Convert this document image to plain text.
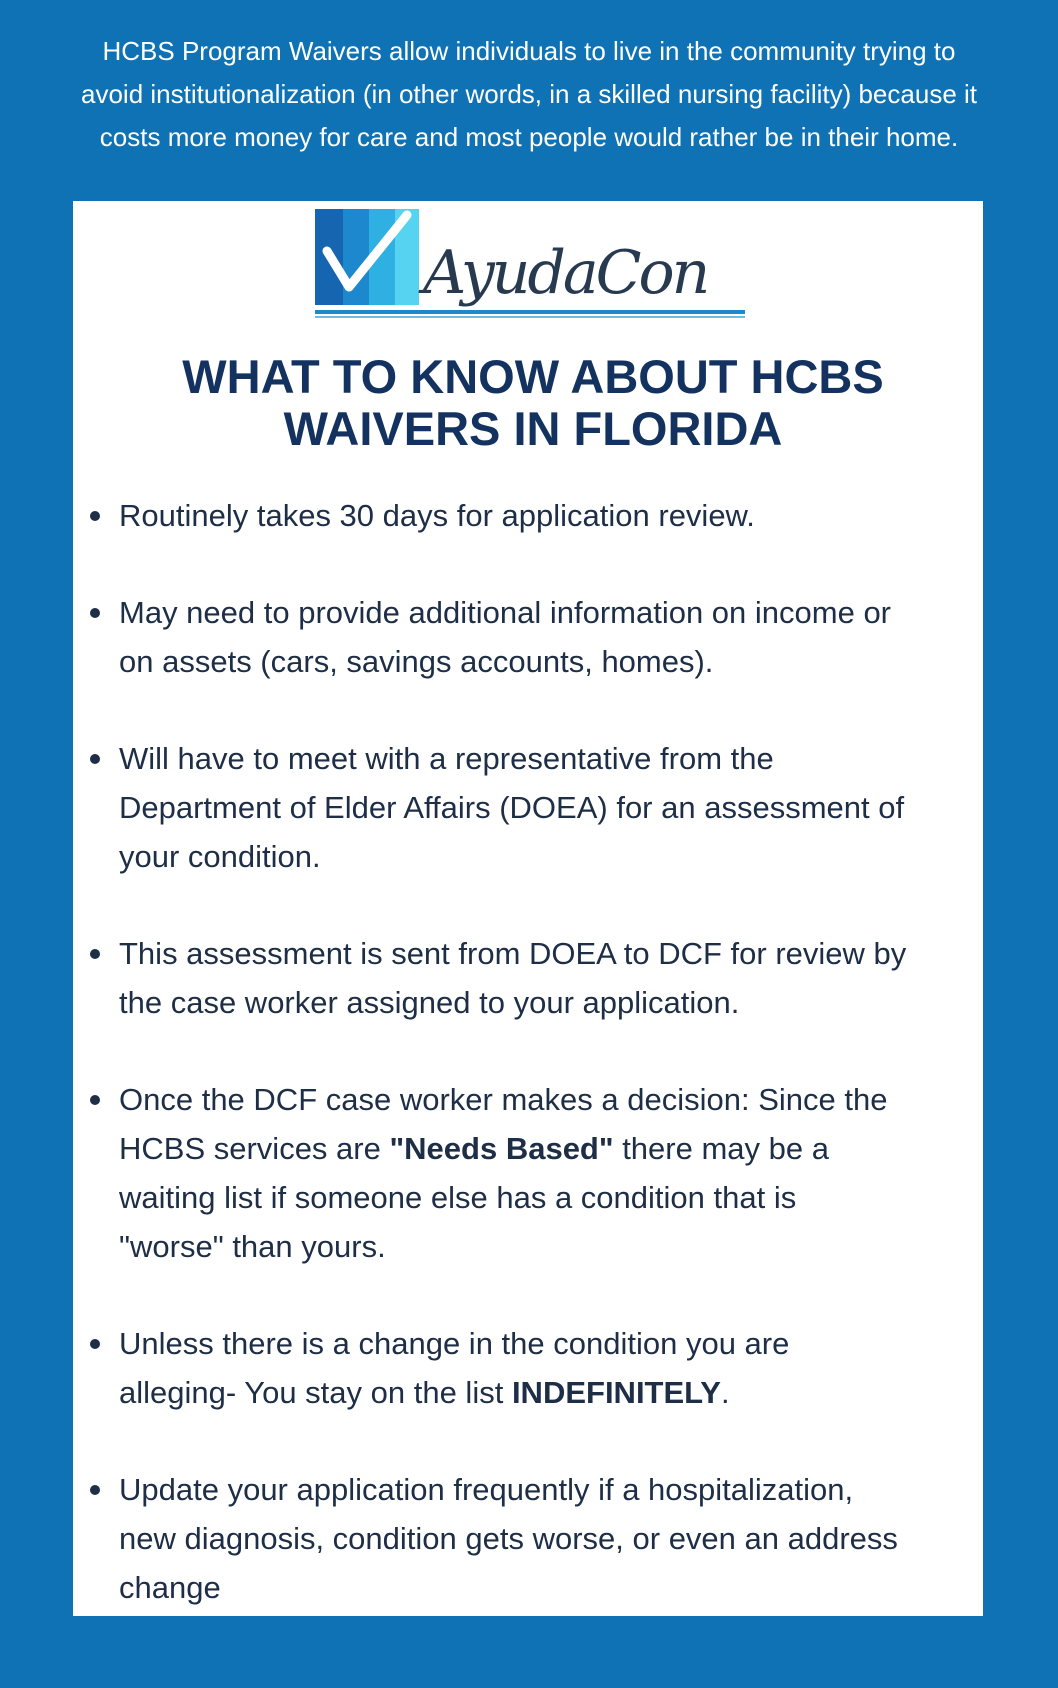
HCBS Program Waivers allow individuals to live in the community trying to
avoid institutionalization (in other words, in a skilled nursing facility) because it
costs more money for care and most people would rather be in their home.
AyudaCon
WHAT TO KNOW ABOUT HCBS
WAIVERS IN FLORIDA
Routinely takes 30 days for application review.
May need to provide additional information on income or
on assets (cars, savings accounts, homes).
Will have to meet with a representative from the
Department of Elder Affairs (DOEA) for an assessment of
your condition.
This assessment is sent from DOEA to DCF for review by
the case worker assigned to your application.
Once the DCF case worker makes a decision: Since the
HCBS services are "Needs Based" there may be a
waiting list if someone else has a condition that is
"worse" than yours.
Unless there is a change in the condition you are
alleging- You stay on the list INDEFINITELY.
Update your application frequently if a hospitalization,
new diagnosis, condition gets worse, or even an address
change
